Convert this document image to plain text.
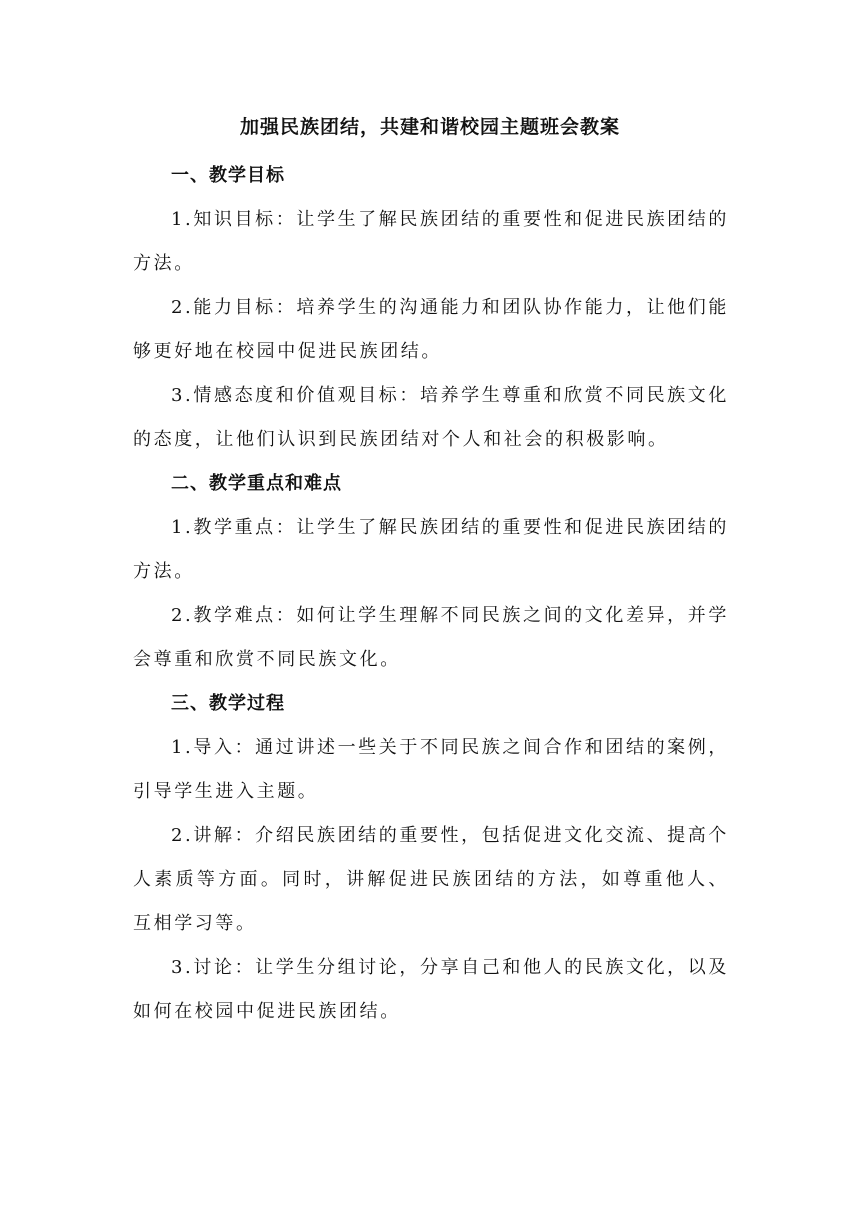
加强民族团结，共建和谐校园主题班会教案

一、教学目标

1.知识目标：让学生了解民族团结的重要性和促进民族团结的方法。

2.能力目标：培养学生的沟通能力和团队协作能力，让他们能够更好地在校园中促进民族团结。

3.情感态度和价值观目标：培养学生尊重和欣赏不同民族文化的态度，让他们认识到民族团结对个人和社会的积极影响。

二、教学重点和难点

1.教学重点：让学生了解民族团结的重要性和促进民族团结的方法。

2.教学难点：如何让学生理解不同民族之间的文化差异，并学会尊重和欣赏不同民族文化。

三、教学过程

1.导入：通过讲述一些关于不同民族之间合作和团结的案例，引导学生进入主题。

2.讲解：介绍民族团结的重要性，包括促进文化交流、提高个人素质等方面。同时，讲解促进民族团结的方法，如尊重他人、互相学习等。

3.讨论：让学生分组讨论，分享自己和他人的民族文化，以及如何在校园中促进民族团结。
